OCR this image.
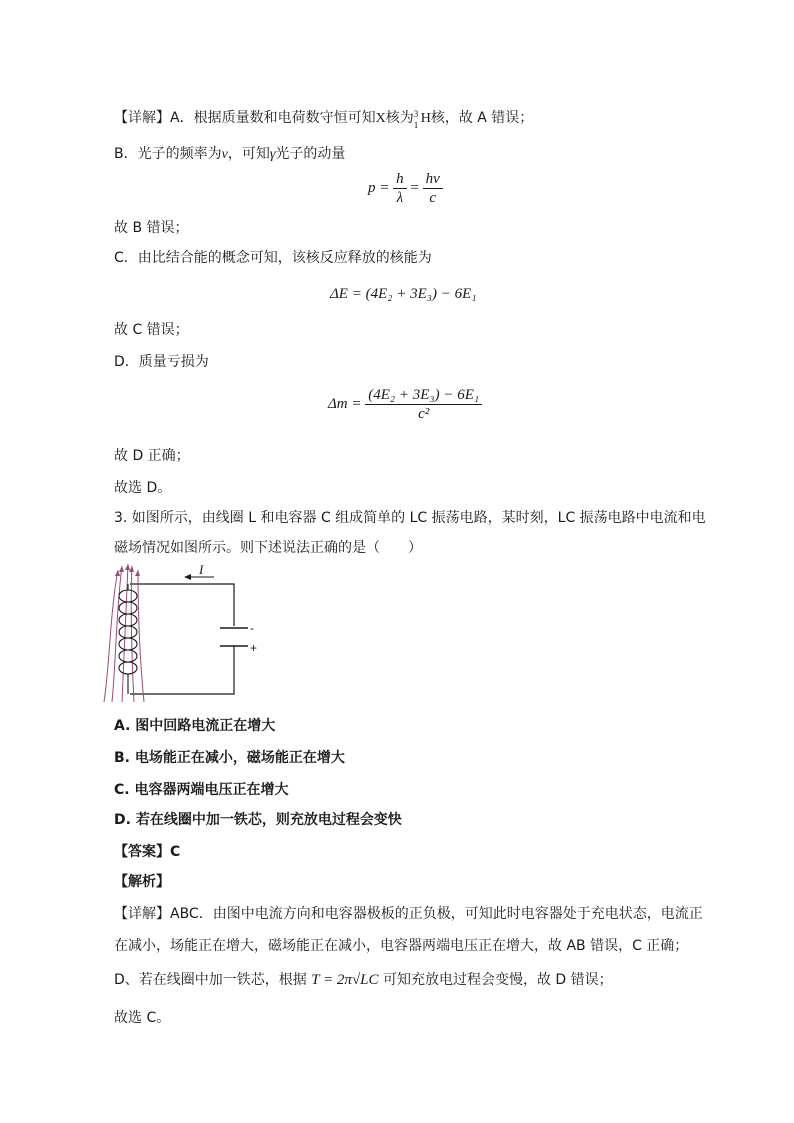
【详解】A．根据质量数和电荷数守恒可知X核为 3
1 H核，故 A 错误；
B．光子的频率为ν，可知γ光子的动量
$p = \frac{h}{\lambda} = \frac{h\nu}{c}$
故 B 错误；
C．由比结合能的概念可知，该核反应释放的核能为
ΔE = (4E₂ + 3E₃) − 6E₁
故 C 错误；
D．质量亏损为
$\Delta m = \frac{\text{(4E₂ + 3E₃) − 6E₁}}{\text{c²}}$
故 D 正确；
故选 D。
3. 如图所示，由线圈 L 和电容器 C 组成简单的 LC 振荡电路，某时刻，LC 振荡电路中电流和电
磁场情况如图所示。则下述说法正确的是（　　）
-
+
I
A. 图中回路电流正在增大
B. 电场能正在减小，磁场能正在增大
C. 电容器两端电压正在增大
D. 若在线圈中加一铁芯，则充放电过程会变快
【答案】C
【解析】
【详解】ABC．由图中电流方向和电容器极板的正负极，可知此时电容器处于充电状态，电流正
在减小，场能正在增大，磁场能正在减小，电容器两端电压正在增大，故 AB 错误，C 正确；
D、若在线圈中加一铁芯，根据 T = 2π√LC 可知充放电过程会变慢，故 D 错误；
故选 C。
